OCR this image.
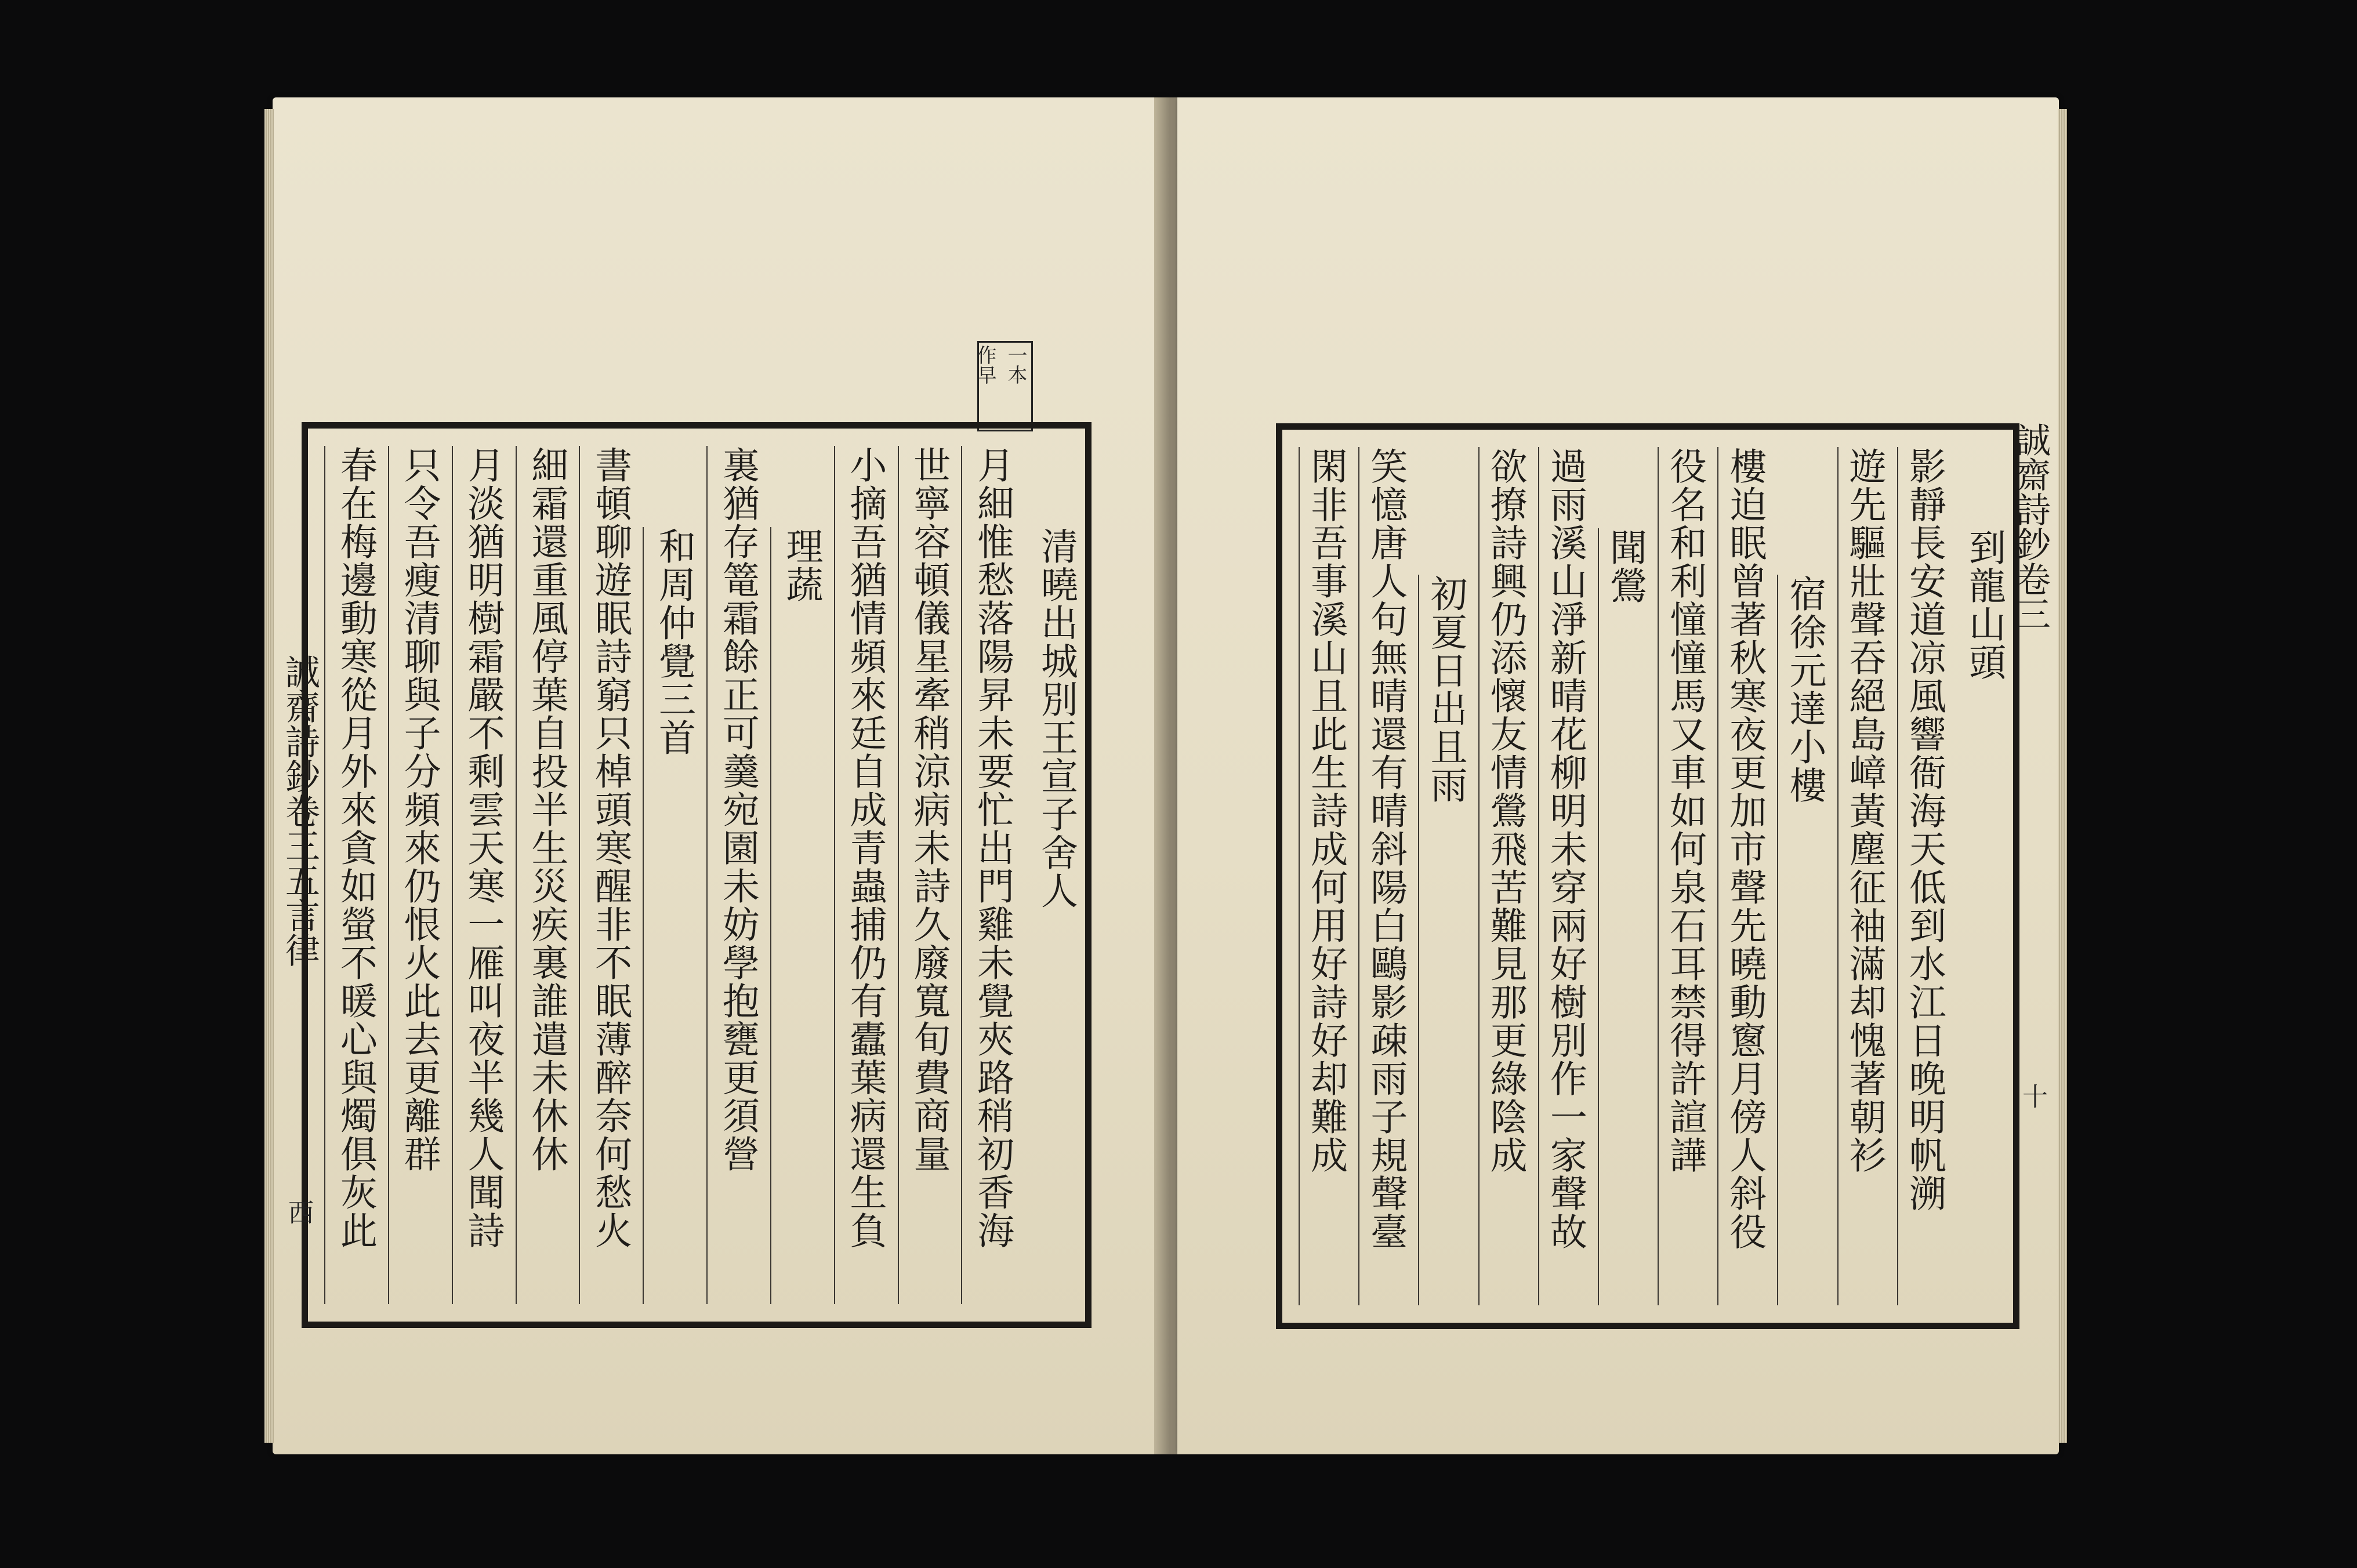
一本
作早
清曉出城別王宣子舍人
月細惟愁落陽昇未要忙出門雞未覺夾路稍初香海
世寧容頓儀星牽稍涼病未詩久廢寬旬費商量
小摘吾猶情頻來廷自成青蟲捕仍有蠹葉病還生負
理蔬
裏猶存篭霜餘正可羹宛園未妨學抱甕更須營
和周仲覺三首
書頓聊遊眠詩窮只棹頭寒醒非不眠薄醉奈何愁火
細霜還重風停葉自投半生災疾裏誰遣未休休
月淡猶明樹霜嚴不剩雲天寒一雁叫夜半幾人聞詩
只令吾瘦清聊與子分頻來仍恨火此去更離群
春在梅邊動寒從月外來貪如螢不暖心與燭俱灰此
誠齋詩鈔卷三五言律
西
到龍山頭
影靜長安道凉風響衙海天低到水江日晚明帆溯
遊先驅壯聲吞絕島嶂黃塵征袖滿却愧著朝衫
宿徐元達小樓
樓迫眠曾著秋寒夜更加市聲先曉動窻月傍人斜役
役名和利憧憧馬又車如何泉石耳禁得許諠譁
聞鶯
過雨溪山淨新晴花柳明未穿兩好樹別作一家聲故
欲撩詩興仍添懷友情鶯飛苦難見那更綠陰成
初夏日出且雨
笑憶唐人句無晴還有晴斜陽白鷗影疎雨子規聲臺
閑非吾事溪山且此生詩成何用好詩好却難成	誠齋詩鈔卷三
十
